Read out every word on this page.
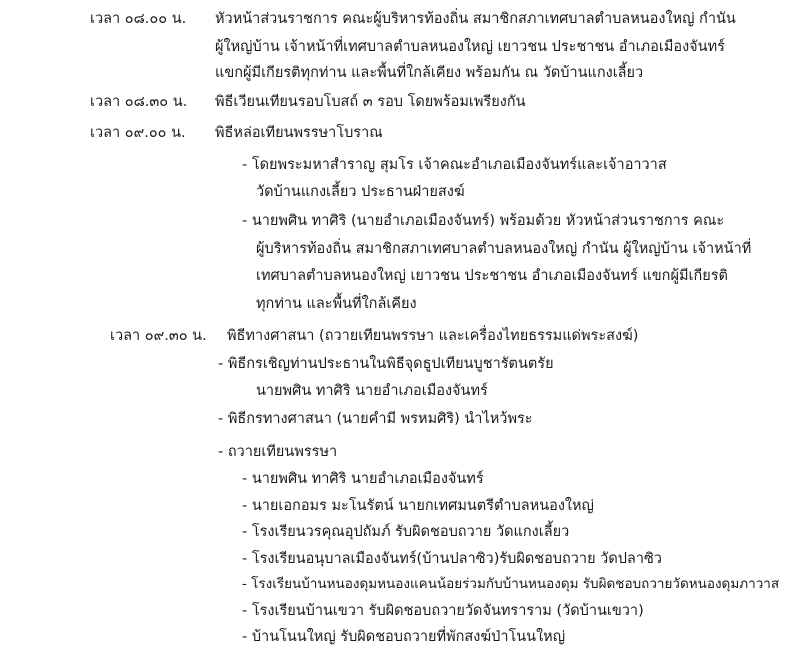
เวลา ๐๘.๐๐ น. หัวหน้าส่วนราชการ คณะผู้บริหารท้องถิ่น สมาชิกสภาเทศบาลตำบลหนองใหญ่ กำนัน
ผู้ใหญ่บ้าน เจ้าหน้าที่เทศบาลตำบลหนองใหญ่ เยาวชน ประชาชน อำเภอเมืองจันทร์
แขกผู้มีเกียรติทุกท่าน และพื้นที่ใกล้เคียง พร้อมกัน ณ วัดบ้านแกงเลี้ยว
เวลา ๐๘.๓๐ น. พิธีเวียนเทียนรอบโบสถ์ ๓ รอบ โดยพร้อมเพรียงกัน
เวลา ๐๙.๐๐ น. พิธีหล่อเทียนพรรษาโบราณ
- โดยพระมหาสำราญ สุมโร เจ้าคณะอำเภอเมืองจันทร์และเจ้าอาวาส
วัดบ้านแกงเลี้ยว ประธานฝ่ายสงฆ์
- นายพศิน ทาศิริ (นายอำเภอเมืองจันทร์) พร้อมด้วย หัวหน้าส่วนราชการ คณะ
ผู้บริหารท้องถิ่น สมาชิกสภาเทศบาลตำบลหนองใหญ่ กำนัน ผู้ใหญ่บ้าน เจ้าหน้าที่
เทศบาลตำบลหนองใหญ่ เยาวชน ประชาชน อำเภอเมืองจันทร์ แขกผู้มีเกียรติ
ทุกท่าน และพื้นที่ใกล้เคียง
เวลา ๐๙.๓๐ น. พิธีทางศาสนา (ถวายเทียนพรรษา และเครื่องไทยธรรมแด่พระสงฆ์)
- พิธีกรเชิญท่านประธานในพิธีจุดธูปเทียนบูชารัตนตรัย
นายพศิน ทาศิริ นายอำเภอเมืองจันทร์
- พิธีกรทางศาสนา (นายคำมี พรหมศิริ) นำไหว้พระ
- ถวายเทียนพรรษา
- นายพศิน ทาศิริ นายอำเภอเมืองจันทร์
- นายเอกอมร มะโนรัตน์ นายกเทศมนตรีตำบลหนองใหญ่
- โรงเรียนวรคุณอุปถัมภ์ รับผิดชอบถวาย วัดแกงเลี้ยว
- โรงเรียนอนุบาลเมืองจันทร์(บ้านปลาซิว)รับผิดชอบถวาย วัดปลาซิว
- โรงเรียนบ้านหนองดุมหนองแคนน้อยร่วมกับบ้านหนองดุม รับผิดชอบถวายวัดหนองดุมภาวาส
- โรงเรียนบ้านเขวา รับผิดชอบถวายวัดจันทราราม (วัดบ้านเขวา)
- บ้านโนนใหญ่ รับผิดชอบถวายที่พักสงฆ์ป่าโนนใหญ่
